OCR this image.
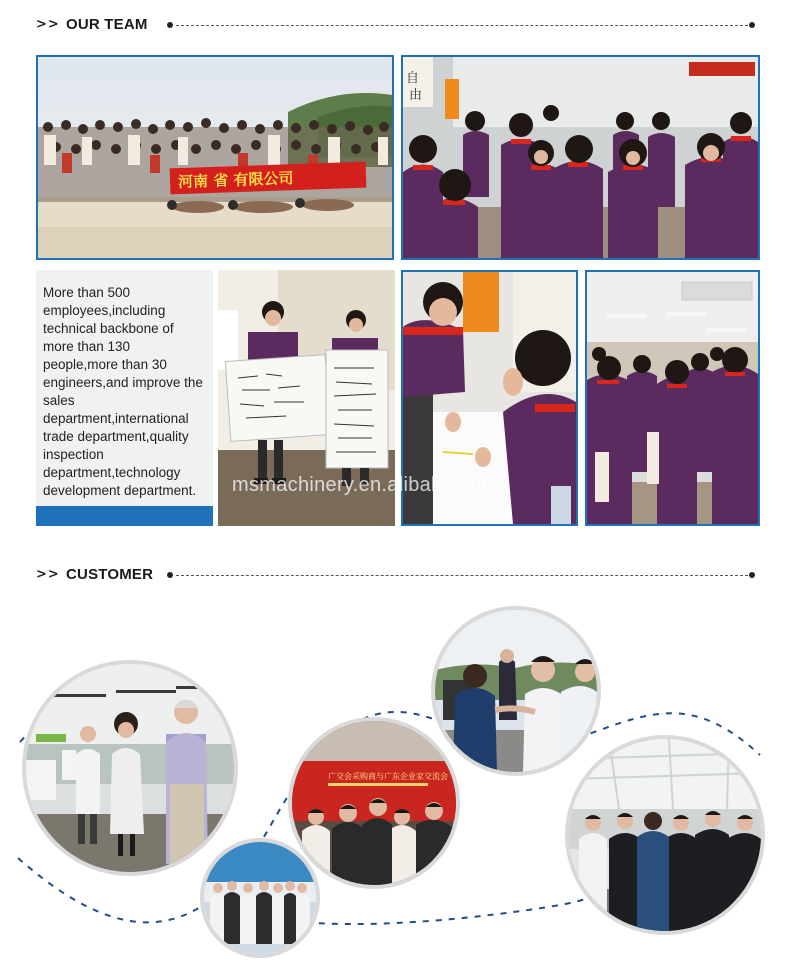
>> OUR TEAM
河南 省 有限公司
自
由

More than 500 employees,including technical backbone of more than 130 people,more than 30 engineers,and improve the sales department,international trade department,quality inspection department,technology development department.	msmachinery.en.alibaba.com
>> CUSTOMER
广交会采购商与广东企业家交流会
